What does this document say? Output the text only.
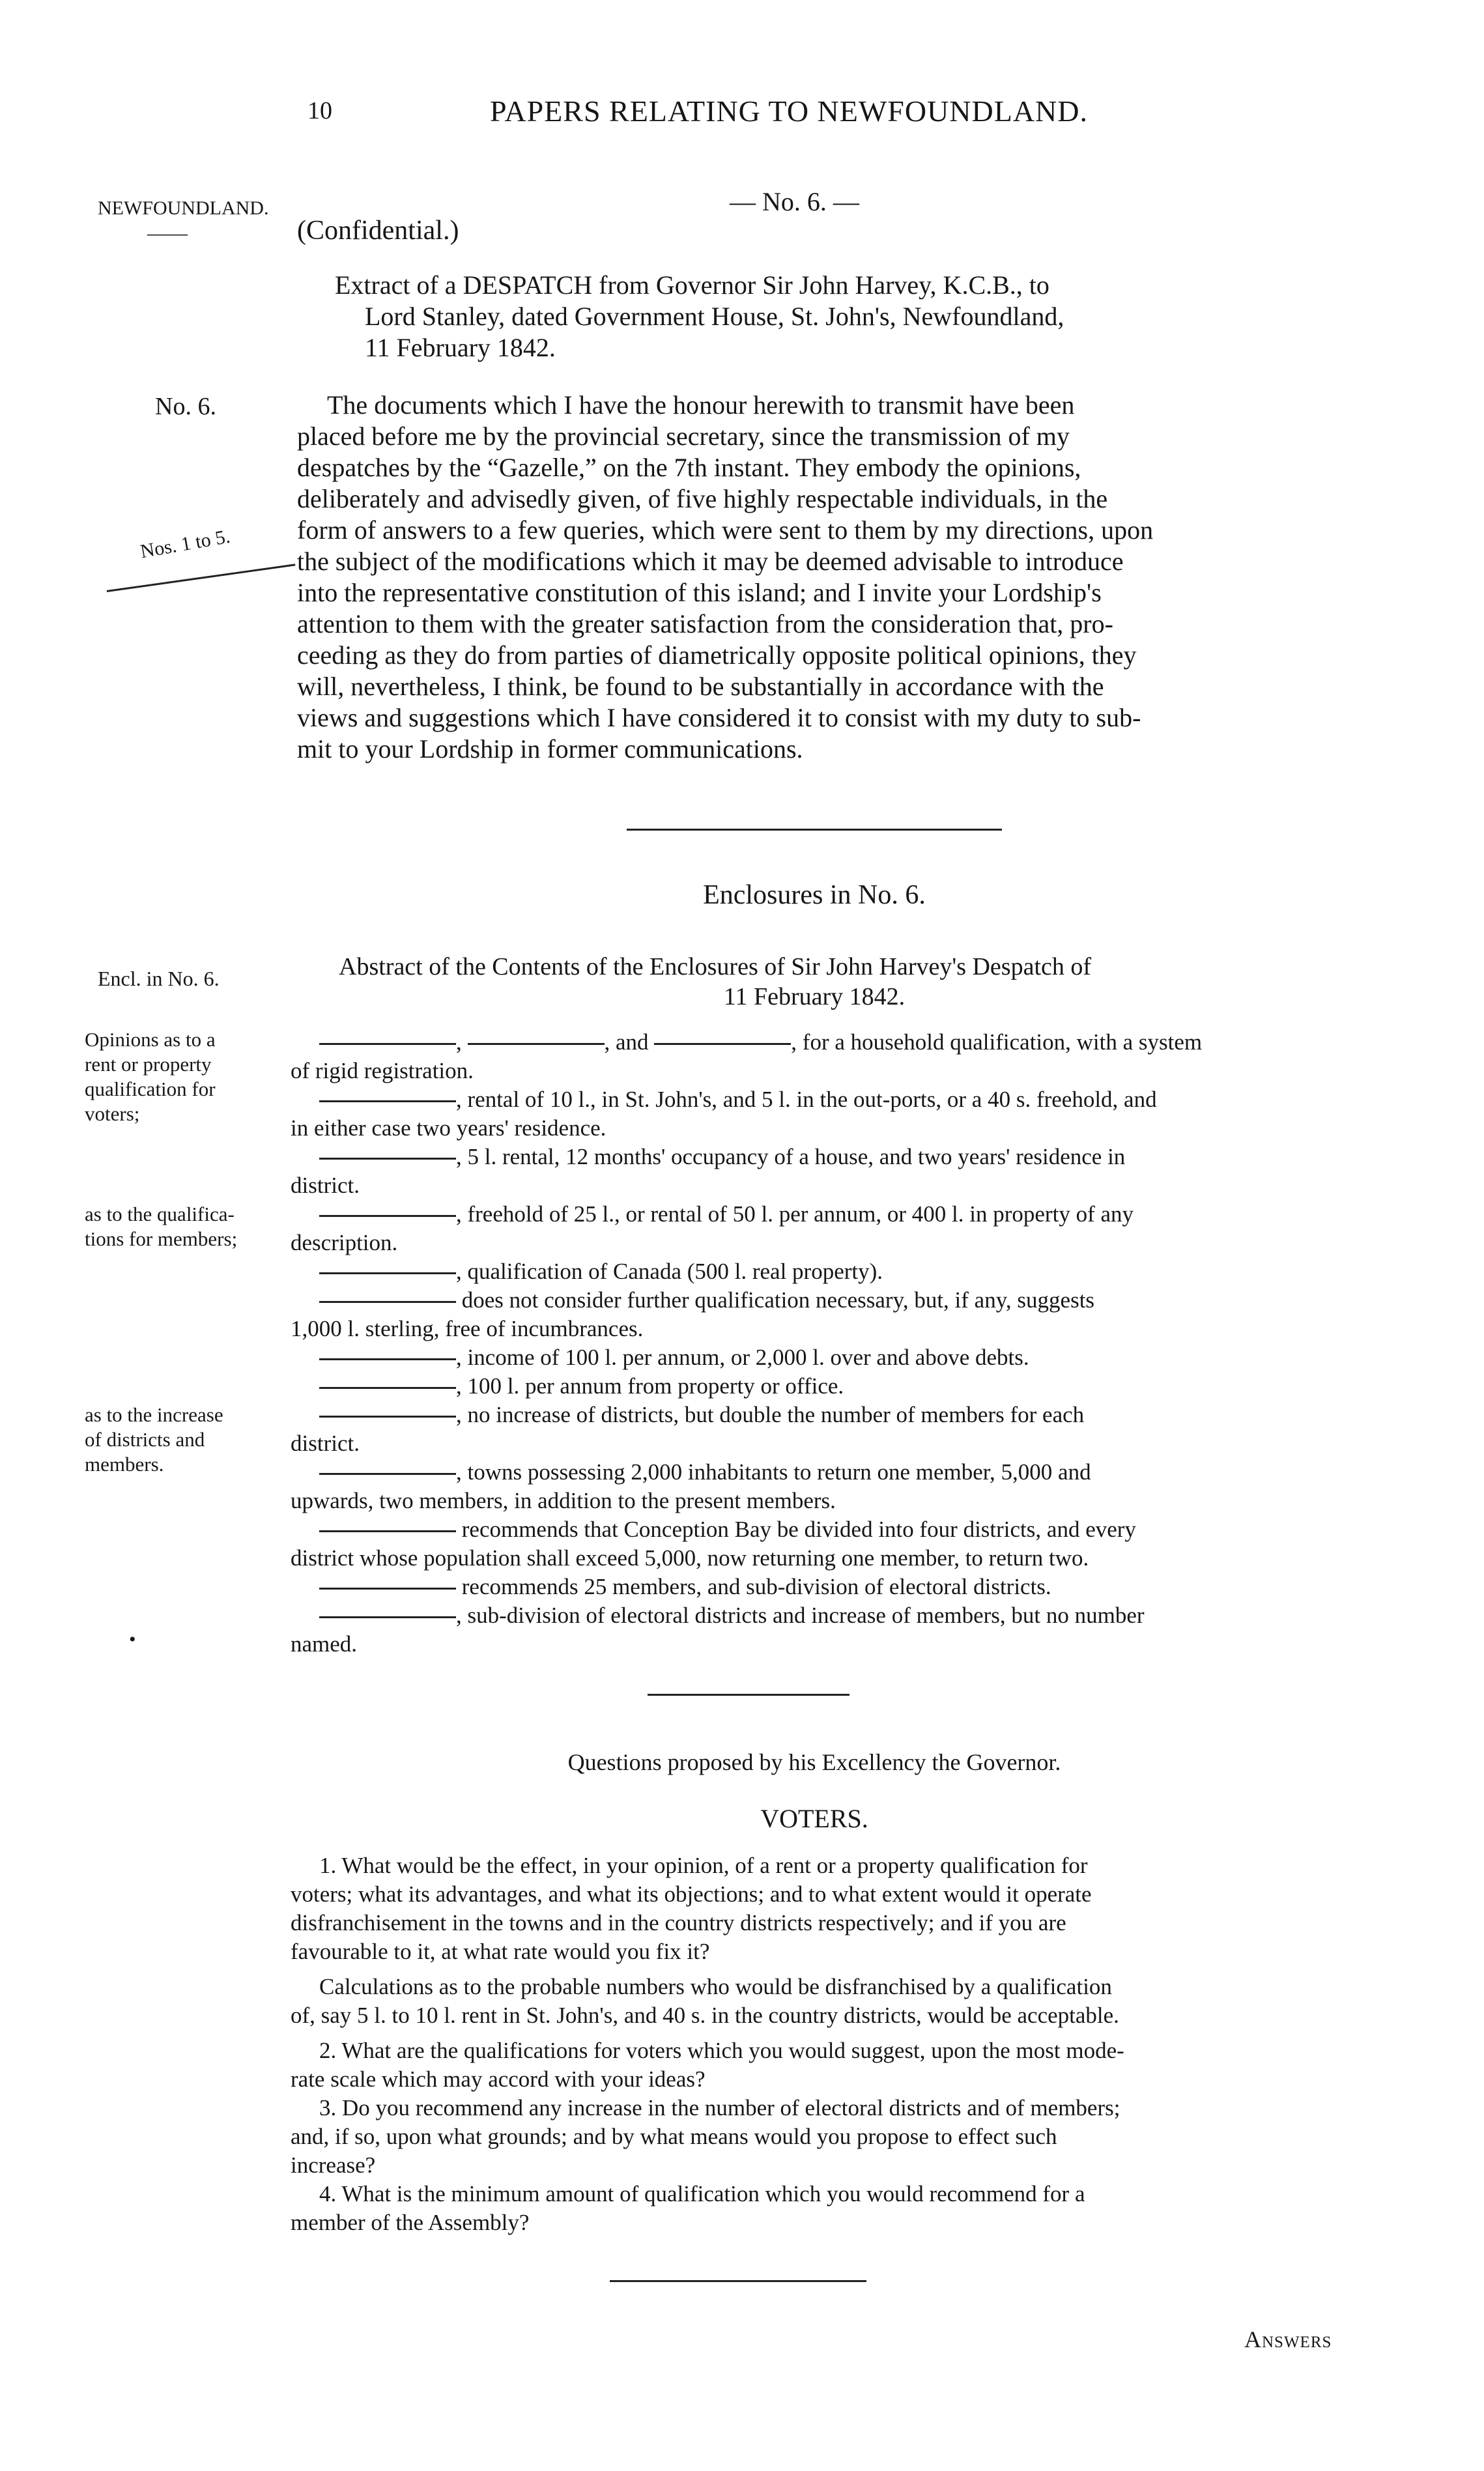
10	PAPERS RELATING TO NEWFOUNDLAND.
NEWFOUNDLAND.
——
No. 6.
Nos. 1 to 5.
— No. 6. —
(Confidential.)
Extract of a DESPATCH from Governor Sir John Harvey, K.C.B., to
Lord Stanley, dated Government House, St. John's, Newfoundland,
11 February 1842.
The documents which I have the honour herewith to transmit have been
placed before me by the provincial secretary, since the transmission of my
despatches by the “Gazelle,” on the 7th instant. They embody the opinions,
deliberately and advisedly given, of five highly respectable individuals, in the
form of answers to a few queries, which were sent to them by my directions, upon
the subject of the modifications which it may be deemed advisable to introduce
into the representative constitution of this island; and I invite your Lordship's
attention to them with the greater satisfaction from the consideration that, pro-
ceeding as they do from parties of diametrically opposite political opinions, they
will, nevertheless, I think, be found to be substantially in accordance with the
views and suggestions which I have considered it to consist with my duty to sub-
mit to your Lordship in former communications.
Enclosures in No. 6.
Encl. in No. 6.	Abstract of the Contents of the Enclosures of Sir John Harvey's Despatch of
11 February 1842.
Opinions as to a
rent or property
qualification for
voters;
,	, and	, for a household qualification, with a system
of rigid registration.
, rental of 10 l., in St. John's, and 5 l. in the out-ports, or a 40 s. freehold, and
in either case two years' residence.
, 5 l. rental, 12 months' occupancy of a house, and two years' residence in
district.
as to the qualifica-
tions for members;
, freehold of 25 l., or rental of 50 l. per annum, or 400 l. in property of any
description.
, qualification of Canada (500 l. real property).
does not consider further qualification necessary, but, if any, suggests
1,000 l. sterling, free of incumbrances.
, income of 100 l. per annum, or 2,000 l. over and above debts.
, 100 l. per annum from property or office.
as to the increase
of districts and
members.
, no increase of districts, but double the number of members for each
district.
, towns possessing 2,000 inhabitants to return one member, 5,000 and
upwards, two members, in addition to the present members.
recommends that Conception Bay be divided into four districts, and every
district whose population shall exceed 5,000, now returning one member, to return two.
recommends 25 members, and sub-division of electoral districts.
, sub-division of electoral districts and increase of members, but no number
named.
•
Questions proposed by his Excellency the Governor.
VOTERS.
1. What would be the effect, in your opinion, of a rent or a property qualification for
voters; what its advantages, and what its objections; and to what extent would it operate
disfranchisement in the towns and in the country districts respectively; and if you are
favourable to it, at what rate would you fix it?
Calculations as to the probable numbers who would be disfranchised by a qualification
of, say 5 l. to 10 l. rent in St. John's, and 40 s. in the country districts, would be acceptable.
2. What are the qualifications for voters which you would suggest, upon the most mode-
rate scale which may accord with your ideas?
3. Do you recommend any increase in the number of electoral districts and of members;
and, if so, upon what grounds; and by what means would you propose to effect such
increase?
4. What is the minimum amount of qualification which you would recommend for a
member of the Assembly?
Answers
